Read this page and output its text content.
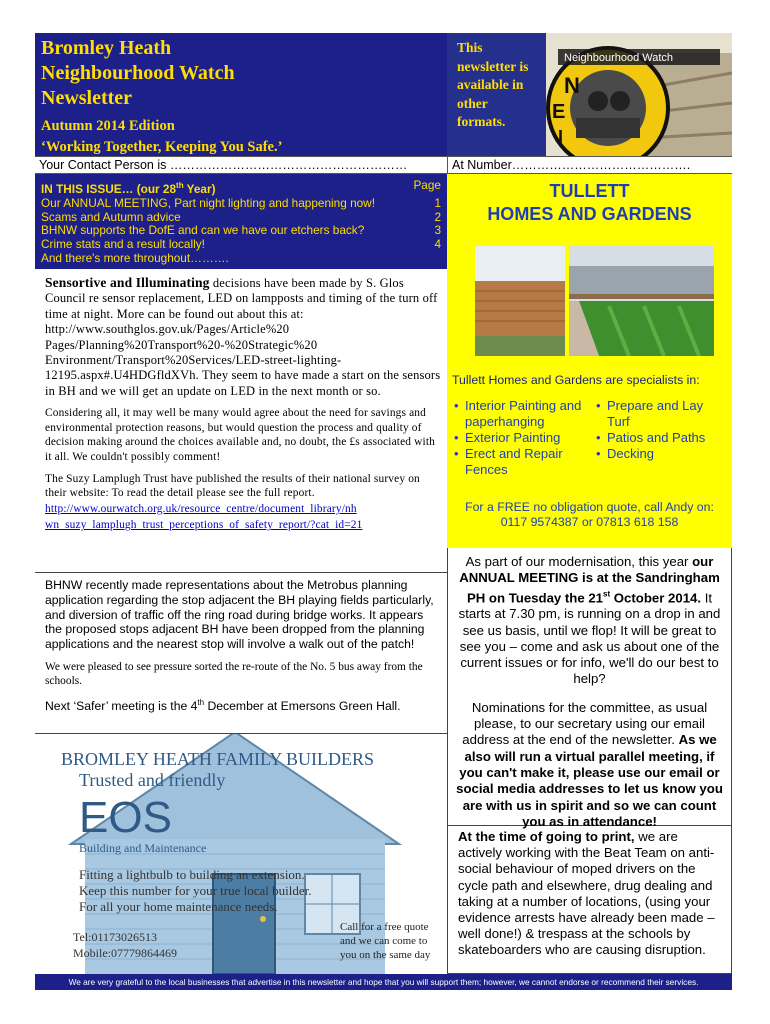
Bromley Heath
Neighbourhood Watch
Newsletter
Autumn 2014 Edition
‘Working Together, Keeping You Safe.’
This newsletter is available in other formats.
N
E
I
Neighbourhood Watch
Your Contact Person is …………………………………………………	At Number…………………………………….
IN THIS ISSUE… (our 28th Year)	Page
Our ANNUAL MEETING, Part night lighting and happening now!	1
Scams and Autumn advice	2
BHNW supports the DofE and can we have our etchers back?	3
Crime stats and a result locally!	4
And there's more throughout……….

Sensortive and Illuminating decisions have been made by S. Glos Council re sensor replacement, LED on lampposts and timing of the turn off time at night. More can be found out about this at: http://www.southglos.gov.uk/Pages/Article%20 Pages/Planning%20Transport%20-%20Strategic%20 Environment/Transport%20Services/LED-street-lighting-12195.aspx#.U4HDGfldXVh. They seem to have made a start on the sensors in BH and we will get an update on LED in the next month or so.

Considering all, it may well be many would agree about the need for savings and environmental protection reasons, but would question the process and quality of decision making around the choices available and, no doubt, the £s associated with it all. We couldn't possibly comment!

The Suzy Lamplugh Trust have published the results of their national survey on their website: To read the detail please see the full report.

http://www.ourwatch.org.uk/resource_centre/document_library/nh wn_suzy_lamplugh_trust_perceptions_of_safety_report/?cat_id=21

BHNW recently made representations about the Metrobus planning application regarding the stop adjacent the BH playing fields particularly, and diversion of traffic off the ring road during bridge works. It appears the proposed stops adjacent BH have been dropped from the planning applications and the nearest stop will involve a walk out of the patch!

We were pleased to see pressure sorted the re-route of the No. 5 bus away from the schools.

Next ‘Safer’ meeting is the 4th December at Emersons Green Hall.

BROMLEY HEATH FAMILY BUILDERS
Trusted and friendly
EOS
Building and Maintenance
Fitting a lightbulb to building an extension.
Keep this number for your true local builder.
For all your home maintenance needs.
Tel:01173026513
Mobile:07779864469
Call for a free quote
and we can come to
you on the same day
TULLETT
HOMES AND GARDENS
Tullett Homes and Gardens are specialists in:
• Interior Painting and paperhanging
• Exterior Painting
• Erect and Repair Fences
• Prepare and Lay Turf
• Patios and Paths
• Decking
For a FREE no obligation quote, call Andy on:
0117 9574387 or 07813 618 158

As part of our modernisation, this year our ANNUAL MEETING is at the Sandringham PH on Tuesday the 21st October 2014. It starts at 7.30 pm, is running on a drop in and see us basis, until we flop! It will be great to see you – come and ask us about one of the current issues or for info, we'll do our best to help?

Nominations for the committee, as usual please, to our secretary using our email address at the end of the newsletter. As we also will run a virtual parallel meeting, if you can't make it, please use our email or social media addresses to let us know you are with us in spirit and so we can count you as in attendance!

At the time of going to print, we are actively working with the Beat Team on anti-social behaviour of moped drivers on the cycle path and elsewhere, drug dealing and taking at a number of locations, (using your evidence arrests have already been made – well done!) & trespass at the schools by skateboarders who are causing disruption.
We are very grateful to the local businesses that advertise in this newsletter and hope that you will support them; however, we cannot endorse or recommend their services.
